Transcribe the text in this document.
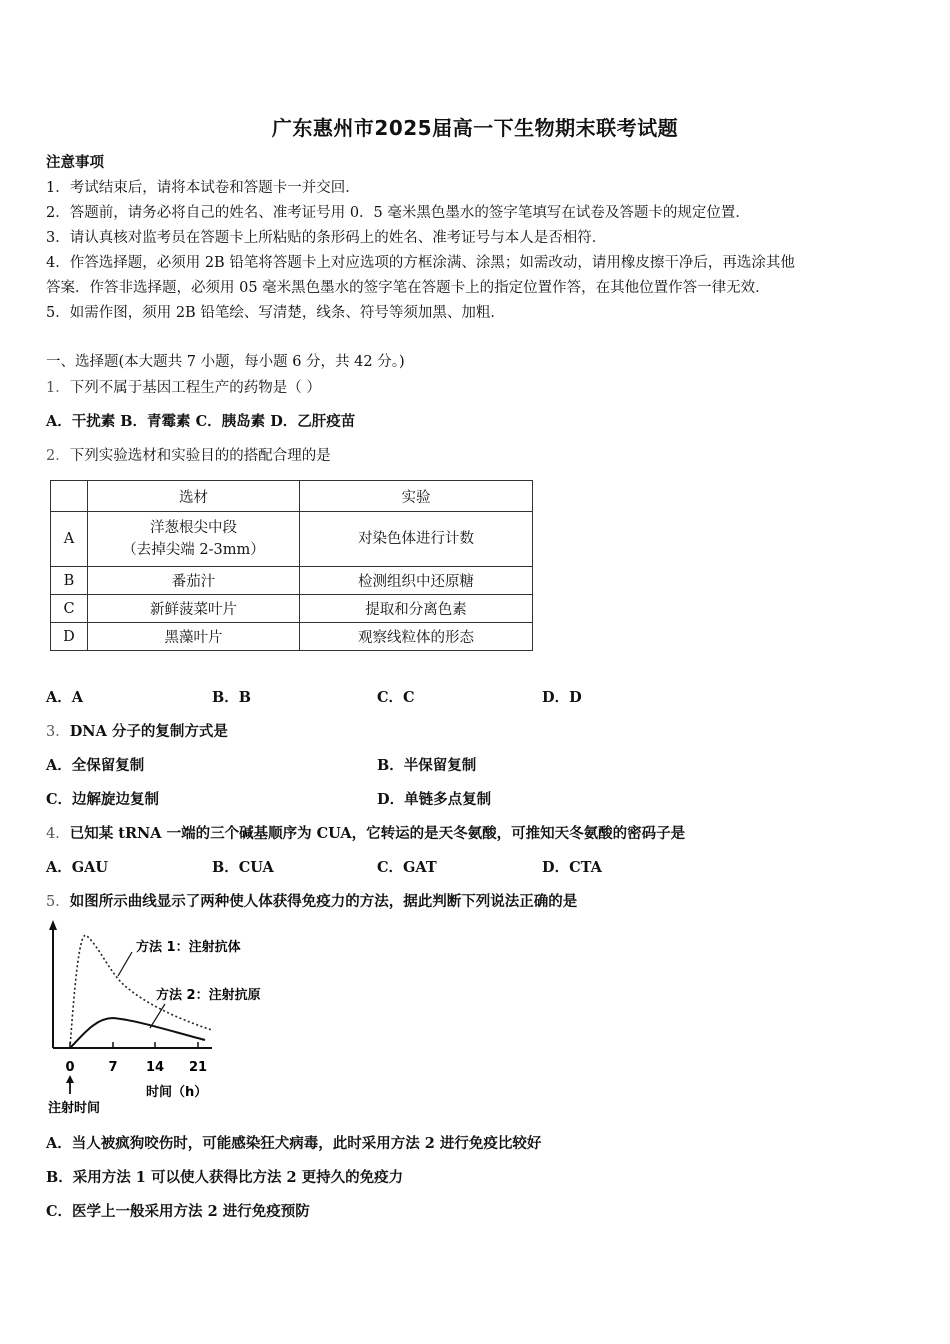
广东惠州市2025届高一下生物期末联考试题
注意事项
1．考试结束后，请将本试卷和答题卡一并交回．
2．答题前，请务必将自己的姓名、准考证号用 0．5 毫米黑色墨水的签字笔填写在试卷及答题卡的规定位置．
3．请认真核对监考员在答题卡上所粘贴的条形码上的姓名、准考证号与本人是否相符．
4．作答选择题，必须用 2B 铅笔将答题卡上对应选项的方框涂满、涂黑；如需改动，请用橡皮擦干净后，再选涂其他
答案．作答非选择题，必须用 05 毫米黑色墨水的签字笔在答题卡上的指定位置作答，在其他位置作答一律无效．
5．如需作图，须用 2B 铅笔绘、写清楚，线条、符号等须加黑、加粗．
一、选择题(本大题共 7 小题，每小题 6 分，共 42 分。)
1．下列不属于基因工程生产的药物是（ ）
A．干扰素 B．青霉素 C．胰岛素 D．乙肝疫苗
2．下列实验选材和实验目的的搭配合理的是
	选材	实验
A	洋葱根尖中段
（去掉尖端 2-3mm）	对染色体进行计数
B	番茄汁	检测组织中还原糖
C	新鲜菠菜叶片	提取和分离色素
D	黑藻叶片	观察线粒体的形态
A．A	B．B	C．C	D．D
3．DNA 分子的复制方式是
A．全保留复制	B．半保留复制
C．边解旋边复制	D．单链多点复制
4．已知某 tRNA 一端的三个碱基顺序为 CUA，它转运的是天冬氨酸，可推知天冬氨酸的密码子是
A．GAU	B．CUA	C．GAT	D．CTA
5．如图所示曲线显示了两种使人体获得免疫力的方法，据此判断下列说法正确的是
方法 1：注射抗体
方法 2：注射抗原
0	7 14 21
时间（h）
注射时间
A．当人被疯狗咬伤时，可能感染狂犬病毒，此时采用方法 2 进行免疫比较好
B．采用方法 1 可以使人获得比方法 2 更持久的免疫力
C．医学上一般采用方法 2 进行免疫预防
